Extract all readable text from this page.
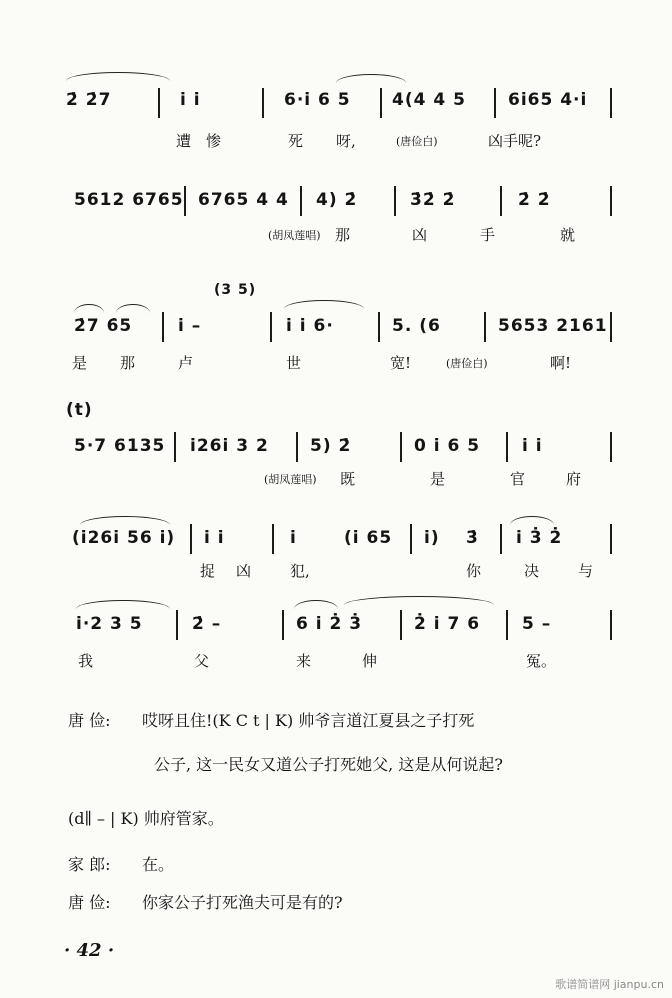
2̇ 2̇7	i i	6·i 6 5 4(4 4 5 6i65 4·i
遭 惨	死 呀,	(唐俭白)	凶手呢?
5612 6765 6765 4 4 4) 2̇	3̇2̇ 2̇	2̇ 2̇
(胡凤莲唱) 那	凶	手	就
2̇7 6̇5	i –
(3 5)
i i 6·	5. (6	5653 2161
是 那	卢	世	宽!	(唐俭白)	啊!
(t)
5·7 6135 i26i 3 2 5) 2̇	0 i 6 5 i i
(胡凤莲唱) 既	是	官	府
(i26i 56 i) i i	i	(i 65 i) 3̇ i 3̇ 2̇
捉 凶	犯,	你	决	与
i·2 3 5	2̇ –	6 i 2̇ 3̇	2̇ i 7 6 5 –
我	父	来	伸	冤。
唐 俭: 哎呀且住!(K C t | K) 帅爷言道江夏县之子打死
公子, 这一民女又道公子打死她父, 这是从何说起?
(d∥ – | K) 帅府管家。
家 郎: 在。
唐 俭: 你家公子打死渔夫可是有的?
· 42 ·
歌谱简谱网 jianpu.cn
